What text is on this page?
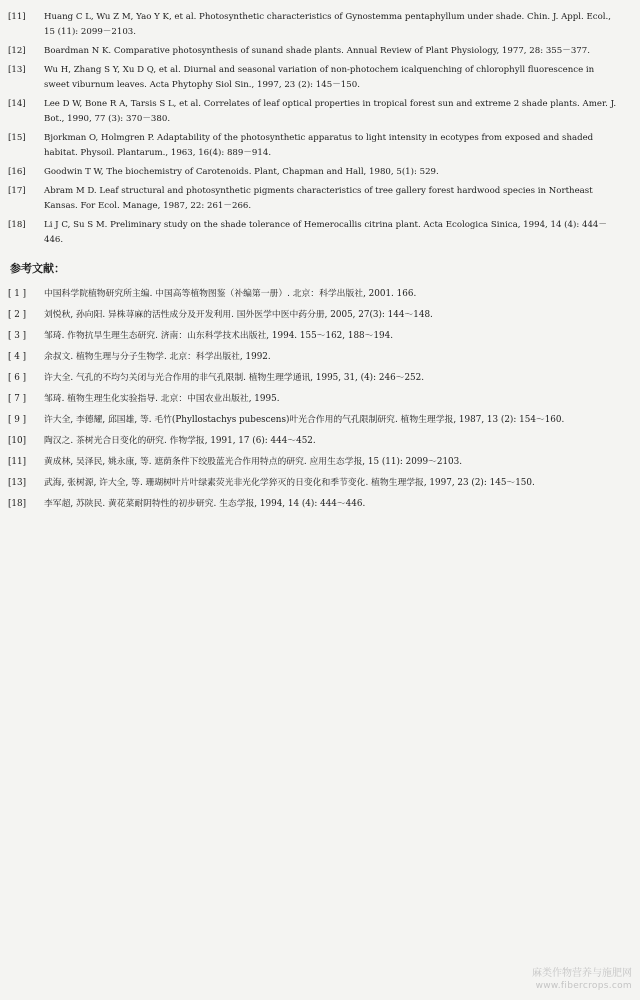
[11]	Huang C L, Wu Z M, Yao Y K, et al. Photosynthetic characteristics of Gynostemma pentaphyllum under shade. Chin. J. Appl. Ecol., 15 (11): 2099－2103.
[12]	Boardman N K. Comparative photosynthesis of sunand shade plants. Annual Review of Plant Physiology, 1977, 28: 355－377.
[13]	Wu H, Zhang S Y, Xu D Q, et al. Diurnal and seasonal variation of non-photochem icalquenching of chlorophyll fluorescence in sweet viburnum leaves. Acta Phytophy Siol Sin., 1997, 23 (2): 145－150.
[14]	Lee D W, Bone R A, Tarsis S L, et al. Correlates of leaf optical properties in tropical forest sun and extreme 2 shade plants. Amer. J. Bot., 1990, 77 (3): 370－380.
[15]	Bjorkman O, Holmgren P. Adaptability of the photosynthetic apparatus to light intensity in ecotypes from exposed and shaded habitat. Physoil. Plantarum., 1963, 16(4): 889－914.
[16]	Goodwin T W, The biochemistry of Carotenoids. Plant, Chapman and Hall, 1980, 5(1): 529.
[17]	Abram M D. Leaf structural and photosynthetic pigments characteristics of tree gallery forest hardwood species in Northeast Kansas. For Ecol. Manage, 1987, 22: 261－266.
[18]	Li J C, Su S M. Preliminary study on the shade tolerance of Hemerocallis citrina plant. Acta Ecologica Sinica, 1994, 14 (4): 444－446.
参考文献：
[ 1 ]	中国科学院植物研究所主编. 中国高等植物图鉴（补编第一册）. 北京：科学出版社, 2001. 166.
[ 2 ]	刘悦秋, 孙向阳. 异株荨麻的活性成分及开发利用. 国外医学中医中药分册, 2005, 27(3): 144～148.
[ 3 ]	邹琦. 作物抗旱生理生态研究. 济南：山东科学技术出版社, 1994. 155～162, 188～194.
[ 4 ]	余叔文. 植物生理与分子生物学. 北京：科学出版社, 1992.
[ 6 ]	许大全. 气孔的不均匀关闭与光合作用的非气孔限制. 植物生理学通讯, 1995, 31, (4): 246～252.
[ 7 ]	邹琦. 植物生理生化实验指导. 北京：中国农业出版社, 1995.
[ 9 ]	许大全, 李德耀, 邱国雄, 等. 毛竹(Phyllostachys pubescens)叶光合作用的气孔限制研究. 植物生理学报, 1987, 13 (2): 154～160.
[10]	陶汉之. 茶树光合日变化的研究. 作物学报, 1991, 17 (6): 444～452.
[11]	黄成林, 吴泽民, 姚永康, 等. 遮荫条件下绞股蓝光合作用特点的研究. 应用生态学报, 15 (11): 2099～2103.
[13]	武海, 张树源, 许大全, 等. 珊瑚树叶片叶绿素荧光非光化学猝灭的日变化和季节变化. 植物生理学报, 1997, 23 (2): 145～150.
[18]	李军超, 苏陕民. 黄花菜耐阴特性的初步研究. 生态学报, 1994, 14 (4): 444～446.
麻类作物营养与施肥网
www.fibercrops.com
